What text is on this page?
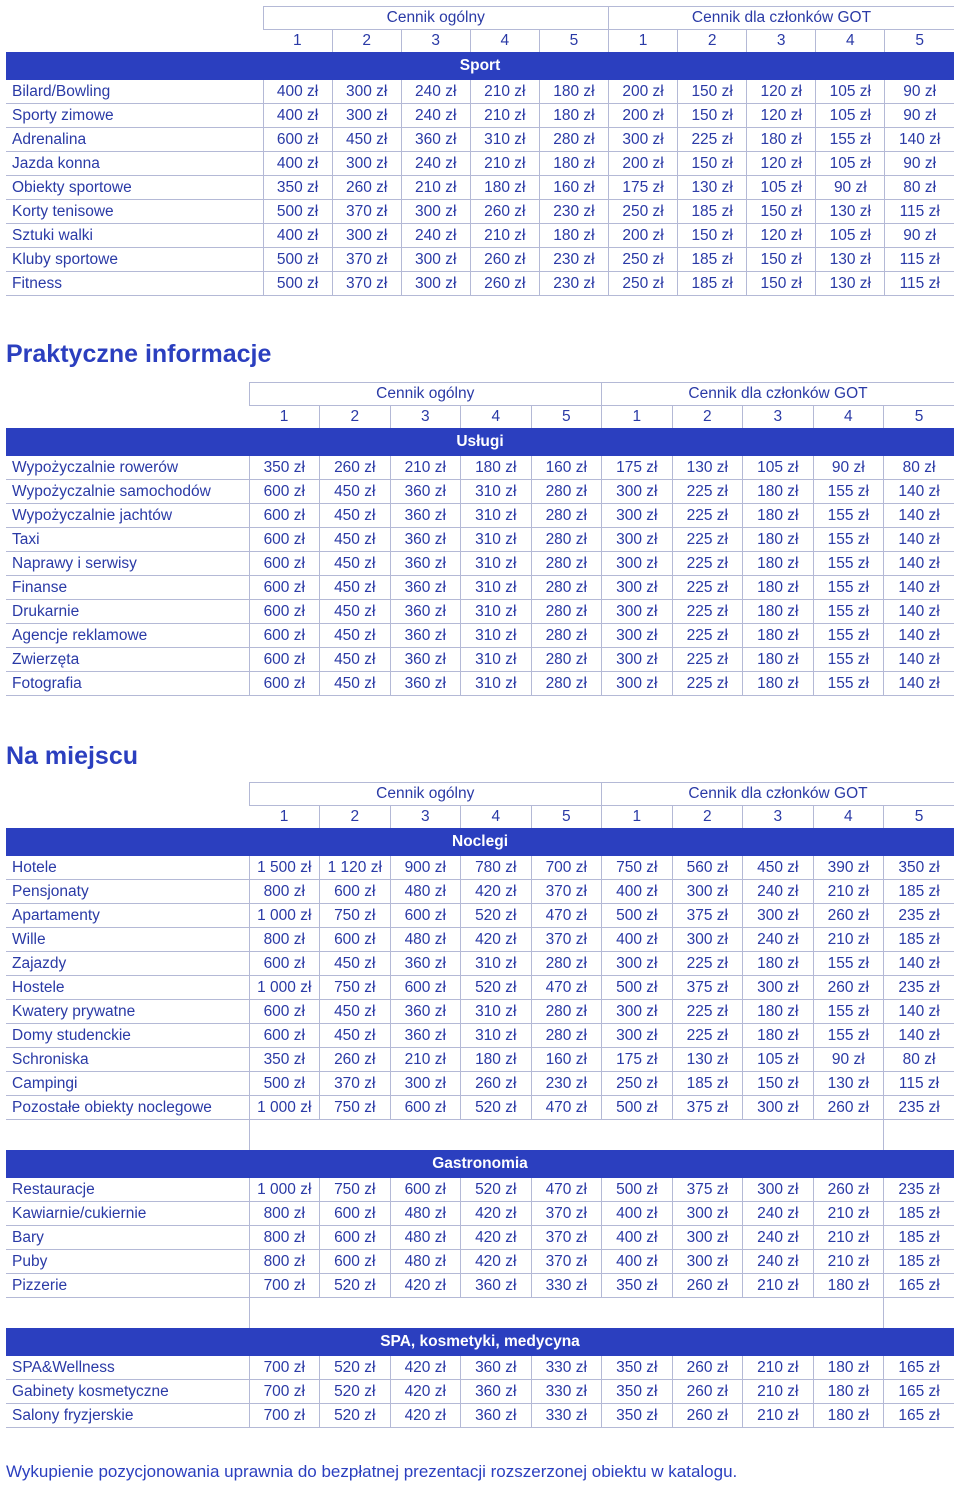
	Cennik ogólny					Cennik dla członków GOT				
	1	2	3	4	5	1	2	3	4	5
Sport										
Bilard/Bowling	400 zł	300 zł	240 zł	210 zł	180 zł	200 zł	150 zł	120 zł	105 zł	90 zł
Sporty zimowe	400 zł	300 zł	240 zł	210 zł	180 zł	200 zł	150 zł	120 zł	105 zł	90 zł
Adrenalina	600 zł	450 zł	360 zł	310 zł	280 zł	300 zł	225 zł	180 zł	155 zł	140 zł
Jazda konna	400 zł	300 zł	240 zł	210 zł	180 zł	200 zł	150 zł	120 zł	105 zł	90 zł
Obiekty sportowe	350 zł	260 zł	210 zł	180 zł	160 zł	175 zł	130 zł	105 zł	90 zł	80 zł
Korty tenisowe	500 zł	370 zł	300 zł	260 zł	230 zł	250 zł	185 zł	150 zł	130 zł	115 zł
Sztuki walki	400 zł	300 zł	240 zł	210 zł	180 zł	200 zł	150 zł	120 zł	105 zł	90 zł
Kluby sportowe	500 zł	370 zł	300 zł	260 zł	230 zł	250 zł	185 zł	150 zł	130 zł	115 zł
Fitness	500 zł	370 zł	300 zł	260 zł	230 zł	250 zł	185 zł	150 zł	130 zł	115 zł
Praktyczne informacje
	Cennik ogólny					Cennik dla członków GOT				
	1	2	3	4	5	1	2	3	4	5
Usługi										
Wypożyczalnie rowerów	350 zł	260 zł	210 zł	180 zł	160 zł	175 zł	130 zł	105 zł	90 zł	80 zł
Wypożyczalnie samochodów	600 zł	450 zł	360 zł	310 zł	280 zł	300 zł	225 zł	180 zł	155 zł	140 zł
Wypożyczalnie jachtów	600 zł	450 zł	360 zł	310 zł	280 zł	300 zł	225 zł	180 zł	155 zł	140 zł
Taxi	600 zł	450 zł	360 zł	310 zł	280 zł	300 zł	225 zł	180 zł	155 zł	140 zł
Naprawy i serwisy	600 zł	450 zł	360 zł	310 zł	280 zł	300 zł	225 zł	180 zł	155 zł	140 zł
Finanse	600 zł	450 zł	360 zł	310 zł	280 zł	300 zł	225 zł	180 zł	155 zł	140 zł
Drukarnie	600 zł	450 zł	360 zł	310 zł	280 zł	300 zł	225 zł	180 zł	155 zł	140 zł
Agencje reklamowe	600 zł	450 zł	360 zł	310 zł	280 zł	300 zł	225 zł	180 zł	155 zł	140 zł
Zwierzęta	600 zł	450 zł	360 zł	310 zł	280 zł	300 zł	225 zł	180 zł	155 zł	140 zł
Fotografia	600 zł	450 zł	360 zł	310 zł	280 zł	300 zł	225 zł	180 zł	155 zł	140 zł
Na miejscu
	Cennik ogólny					Cennik dla członków GOT				
	1	2	3	4	5	1	2	3	4	5
Noclegi										
Hotele	1 500 zł	1 120 zł	900 zł	780 zł	700 zł	750 zł	560 zł	450 zł	390 zł	350 zł
Pensjonaty	800 zł	600 zł	480 zł	420 zł	370 zł	400 zł	300 zł	240 zł	210 zł	185 zł
Apartamenty	1 000 zł	750 zł	600 zł	520 zł	470 zł	500 zł	375 zł	300 zł	260 zł	235 zł
Wille	800 zł	600 zł	480 zł	420 zł	370 zł	400 zł	300 zł	240 zł	210 zł	185 zł
Zajazdy	600 zł	450 zł	360 zł	310 zł	280 zł	300 zł	225 zł	180 zł	155 zł	140 zł
Hostele	1 000 zł	750 zł	600 zł	520 zł	470 zł	500 zł	375 zł	300 zł	260 zł	235 zł
Kwatery prywatne	600 zł	450 zł	360 zł	310 zł	280 zł	300 zł	225 zł	180 zł	155 zł	140 zł
Domy studenckie	600 zł	450 zł	360 zł	310 zł	280 zł	300 zł	225 zł	180 zł	155 zł	140 zł
Schroniska	350 zł	260 zł	210 zł	180 zł	160 zł	175 zł	130 zł	105 zł	90 zł	80 zł
Campingi	500 zł	370 zł	300 zł	260 zł	230 zł	250 zł	185 zł	150 zł	130 zł	115 zł
Pozostałe obiekty noclegowe	1 000 zł	750 zł	600 zł	520 zł	470 zł	500 zł	375 zł	300 zł	260 zł	235 zł

Gastronomia										
Restauracje	1 000 zł	750 zł	600 zł	520 zł	470 zł	500 zł	375 zł	300 zł	260 zł	235 zł
Kawiarnie/cukiernie	800 zł	600 zł	480 zł	420 zł	370 zł	400 zł	300 zł	240 zł	210 zł	185 zł
Bary	800 zł	600 zł	480 zł	420 zł	370 zł	400 zł	300 zł	240 zł	210 zł	185 zł
Puby	800 zł	600 zł	480 zł	420 zł	370 zł	400 zł	300 zł	240 zł	210 zł	185 zł
Pizzerie	700 zł	520 zł	420 zł	360 zł	330 zł	350 zł	260 zł	210 zł	180 zł	165 zł

SPA, kosmetyki, medycyna										
SPA&Wellness	700 zł	520 zł	420 zł	360 zł	330 zł	350 zł	260 zł	210 zł	180 zł	165 zł
Gabinety kosmetyczne	700 zł	520 zł	420 zł	360 zł	330 zł	350 zł	260 zł	210 zł	180 zł	165 zł
Salony fryzjerskie	700 zł	520 zł	420 zł	360 zł	330 zł	350 zł	260 zł	210 zł	180 zł	165 zł
Wykupienie pozycjonowania uprawnia do bezpłatnej prezentacji rozszerzonej obiektu w katalogu.
